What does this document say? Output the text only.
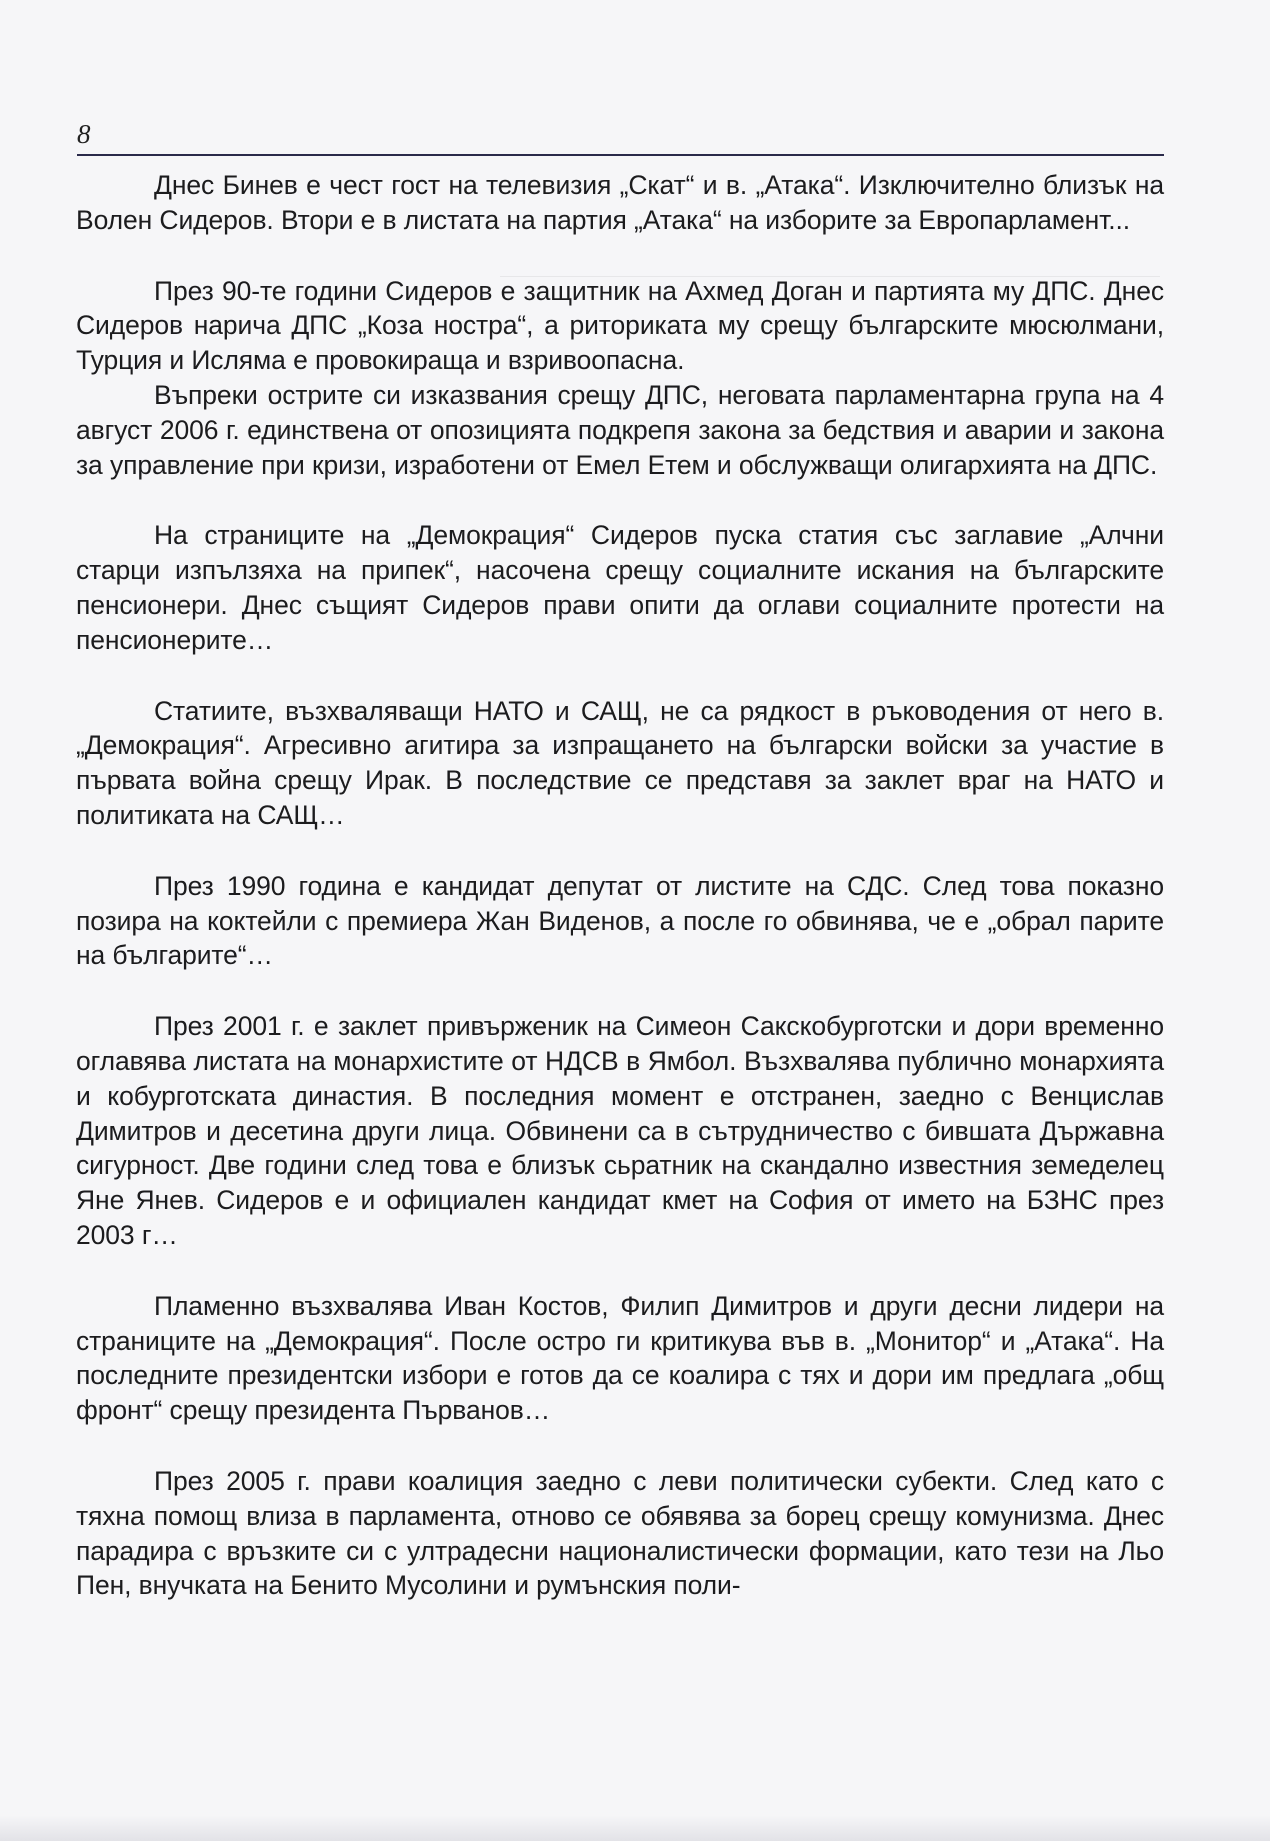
8

Днес Бинев е чест гост на телевизия „Скат“ и в. „Атака“. Изключително близък на Волен Сидеров. Втори е в листата на партия „Атака“ на изборите за Европарламент...

През 90-те години Сидеров е защитник на Ахмед Доган и партията му ДПС. Днес Сидеров нарича ДПС „Коза ностра“, а риториката му срещу българските мюсюлмани, Турция и Исляма е провокираща и взривоопасна.

Въпреки острите си изказвания срещу ДПС, неговата парламентарна група на 4 август 2006 г. единствена от опозицията подкрепя закона за бедствия и аварии и закона за управление при кризи, изработени от Емел Етем и обслужващи олигархията на ДПС.

На страниците на „Демокрация“ Сидеров пуска статия със заглавие „Алчни старци изпълзяха на припек“, насочена срещу социалните искания на българските пенсионери. Днес същият Сидеров прави опити да оглави социалните протести на пенсионерите…

Статиите, възхваляващи НАТО и САЩ, не са рядкост в ръководения от него в. „Демокрация“. Агресивно агитира за изпращането на български войски за участие в първата война срещу Ирак. В последствие се представя за заклет враг на НАТО и политиката на САЩ…

През 1990 година е кандидат депутат от листите на СДС. След това показно позира на коктейли с премиера Жан Виденов, а после го обвинява, че е „обрал парите на българите“…

През 2001 г. е заклет привърженик на Симеон Сакскобурготски и дори временно оглавява листата на монархистите от НДСВ в Ямбол. Възхвалява публично монархията и кобурготската династия. В последния момент е отстранен, заедно с Венцислав Димитров и десетина други лица. Обвинени са в сътрудничество с бившата Държавна сигурност. Две години след това е близък сьратник на скандално известния земеделец Яне Янев. Сидеров е и официален кандидат кмет на София от името на БЗНС през 2003 г…

Пламенно възхвалява Иван Костов, Филип Димитров и други десни лидери на страниците на „Демокрация“. После остро ги критикува във в. „Монитор“ и „Атака“. На последните президентски избори е готов да се коалира с тях и дори им предлага „общ фронт“ срещу президента Първанов…

През 2005 г. прави коалиция заедно с леви политически субекти. След като с тяхна помощ влиза в парламента, отново се обявява за борец срещу комунизма. Днес парадира с връзките си с ултрадесни националистически формации, като тези на Льо Пен, внучката на Бенито Мусолини и румънския поли-
